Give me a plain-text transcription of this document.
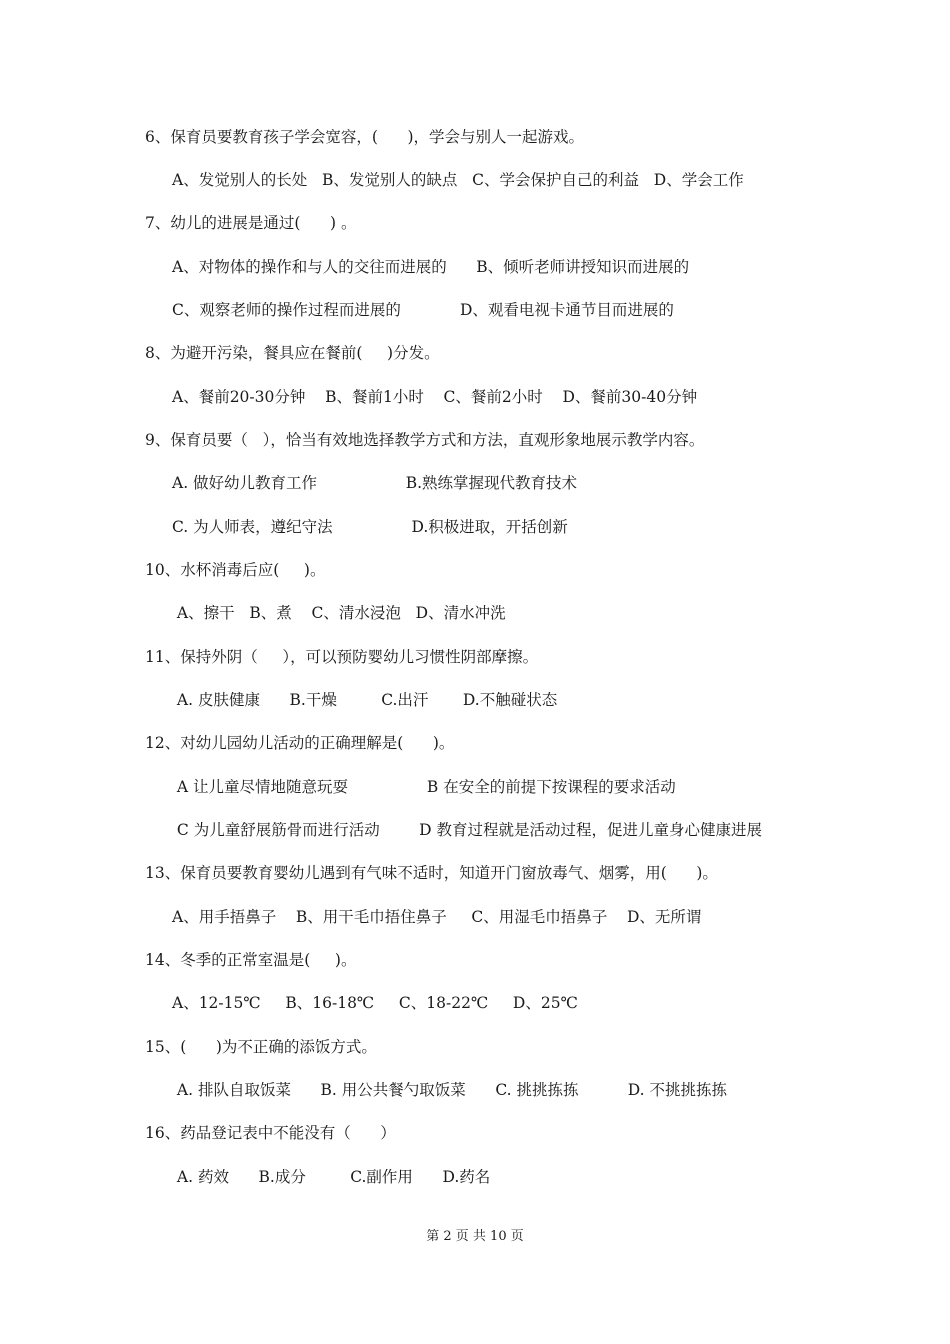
6、保育员要教育孩子学会宽容，(      )，学会与别人一起游戏。
A、发觉别人的长处   B、发觉别人的缺点   C、学会保护自己的利益   D、学会工作
7、幼儿的进展是通过(      ) 。
A、对物体的操作和与人的交往而进展的      B、倾听老师讲授知识而进展的
C、观察老师的操作过程而进展的            D、观看电视卡通节目而进展的
8、为避开污染，餐具应在餐前(     )分发。
A、餐前20-30分钟    B、餐前1小时    C、餐前2小时    D、餐前30-40分钟
9、保育员要（   ），恰当有效地选择教学方式和方法，直观形象地展示教学内容。
A. 做好幼儿教育工作                  B.熟练掌握现代教育技术
C. 为人师表，遵纪守法                D.积极进取，开括创新
10、水杯消毒后应(     )。
A、擦干   B、煮    C、清水浸泡   D、清水冲洗
11、保持外阴（     ），可以预防婴幼儿习惯性阴部摩擦。
A. 皮肤健康      B.干燥         C.出汗       D.不触碰状态
12、对幼儿园幼儿活动的正确理解是(      )。
A 让儿童尽情地随意玩耍                B 在安全的前提下按课程的要求活动
C 为儿童舒展筋骨而进行活动        D 教育过程就是活动过程，促进儿童身心健康进展
13、保育员要教育婴幼儿遇到有气味不适时，知道开门窗放毒气、烟雾，用(      )。
A、用手捂鼻子    B、用干毛巾捂住鼻子     C、用湿毛巾捂鼻子    D、无所谓
14、冬季的正常室温是(     )。
A、12-15℃     B、16-18℃     C、18-22℃     D、25℃
15、(      )为不正确的添饭方式。
A. 排队自取饭菜      B. 用公共餐勺取饭菜      C. 挑挑拣拣          D. 不挑挑拣拣
16、药品登记表中不能没有（      ）
A. 药效      B.成分         C.副作用      D.药名
第 2 页 共 10 页
